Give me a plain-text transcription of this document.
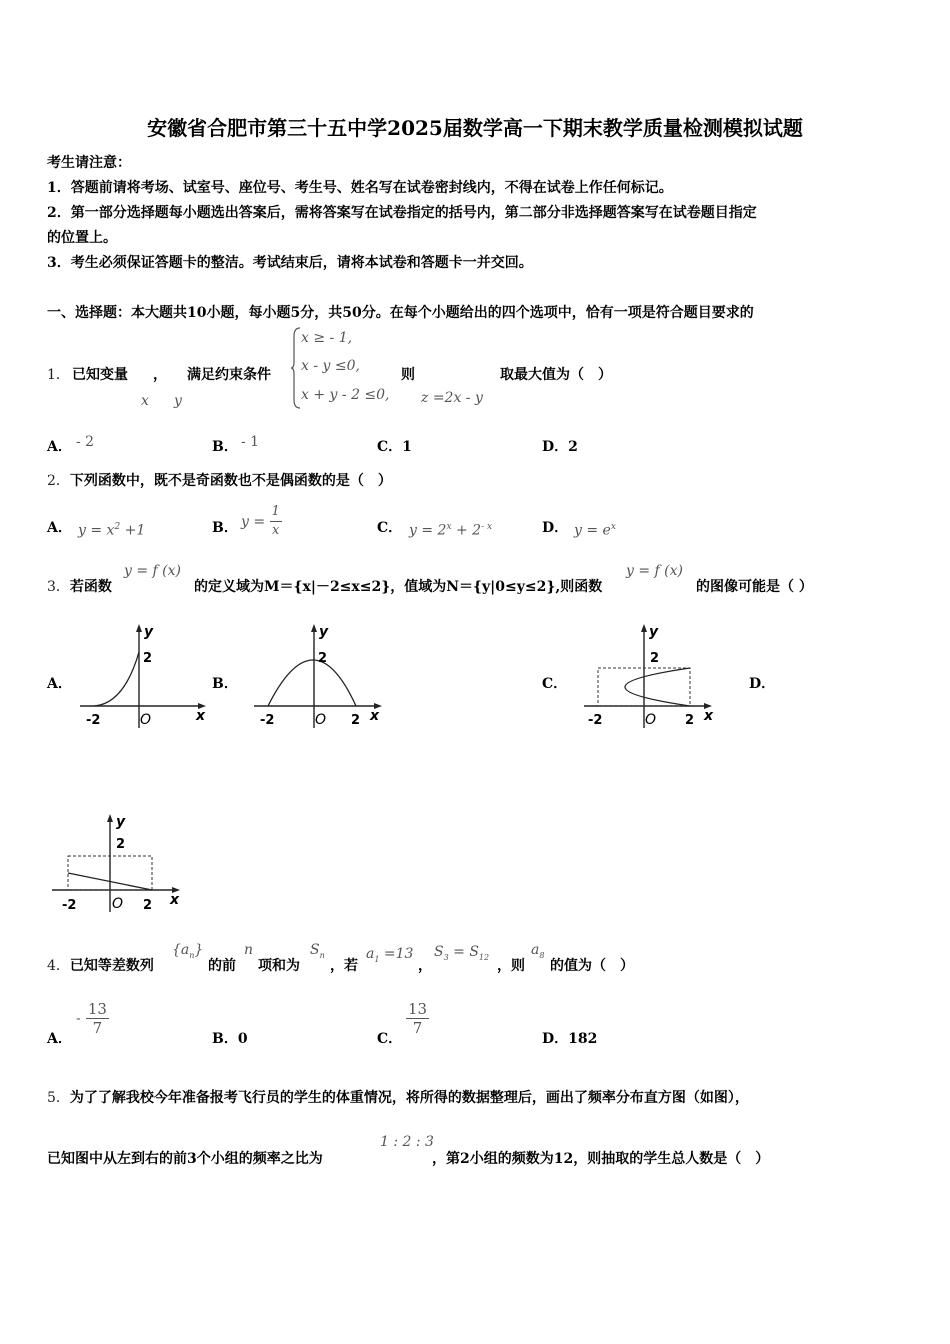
安徽省合肥市第三十五中学2025届数学高一下期末教学质量检测模拟试题
考生请注意：
1．答题前请将考场、试室号、座位号、考生号、姓名写在试卷密封线内，不得在试卷上作任何标记。
2．第一部分选择题每小题选出答案后，需将答案写在试卷指定的括号内，第二部分非选择题答案写在试卷题目指定
的位置上。
3．考生必须保证答题卡的整洁。考试结束后，请将本试卷和答题卡一并交回。
一、选择题：本大题共10小题，每小题5分，共50分。在每个小题给出的四个选项中，恰有一项是符合题目要求的
1． 已知变量 ， 满足约束条件
x y
x ≥ - 1,
x - y ≤0,
x + y - 2 ≤0,
则
z =2x - y
取最大值为（　）
A． - 2	B． - 1	C．1	D．2
2．下列函数中，既不是奇函数也不是偶函数的是（　）
A． $y = x^2 +1$	B． $y = \frac{1}{x}$	C． $y = 2^x + 2^{- x}$	D． $y = e^x$
3．若函数
y = f (x)
的定义域为M＝{x|－2≤x≤2}，值域为N＝{y|0≤y≤2},则函数
y = f (x)
的图像可能是（ ）
A．	B．	C．	D．
y
2
-2	O	x
y
2
-2	O 2 x
y
2
-2	O 2 x
y
2
-2	O 2 x
4．已知等差数列
$\{a_n\}$
的前
n
项和为
$S_n$
，若
$a_1 =13$
，
$S_3 = S_{12}$
，则
$a_8$
的值为（　）
A．
- $\frac{13}{7}$
B．0	C．
$\frac{13}{7}$
D．182
5．为了了解我校今年准备报考飞行员的学生的体重情况，将所得的数据整理后，画出了频率分布直方图（如图），
已知图中从左到右的前3个小组的频率之比为
1 : 2 : 3
，第2小组的频数为12，则抽取的学生总人数是（　）
